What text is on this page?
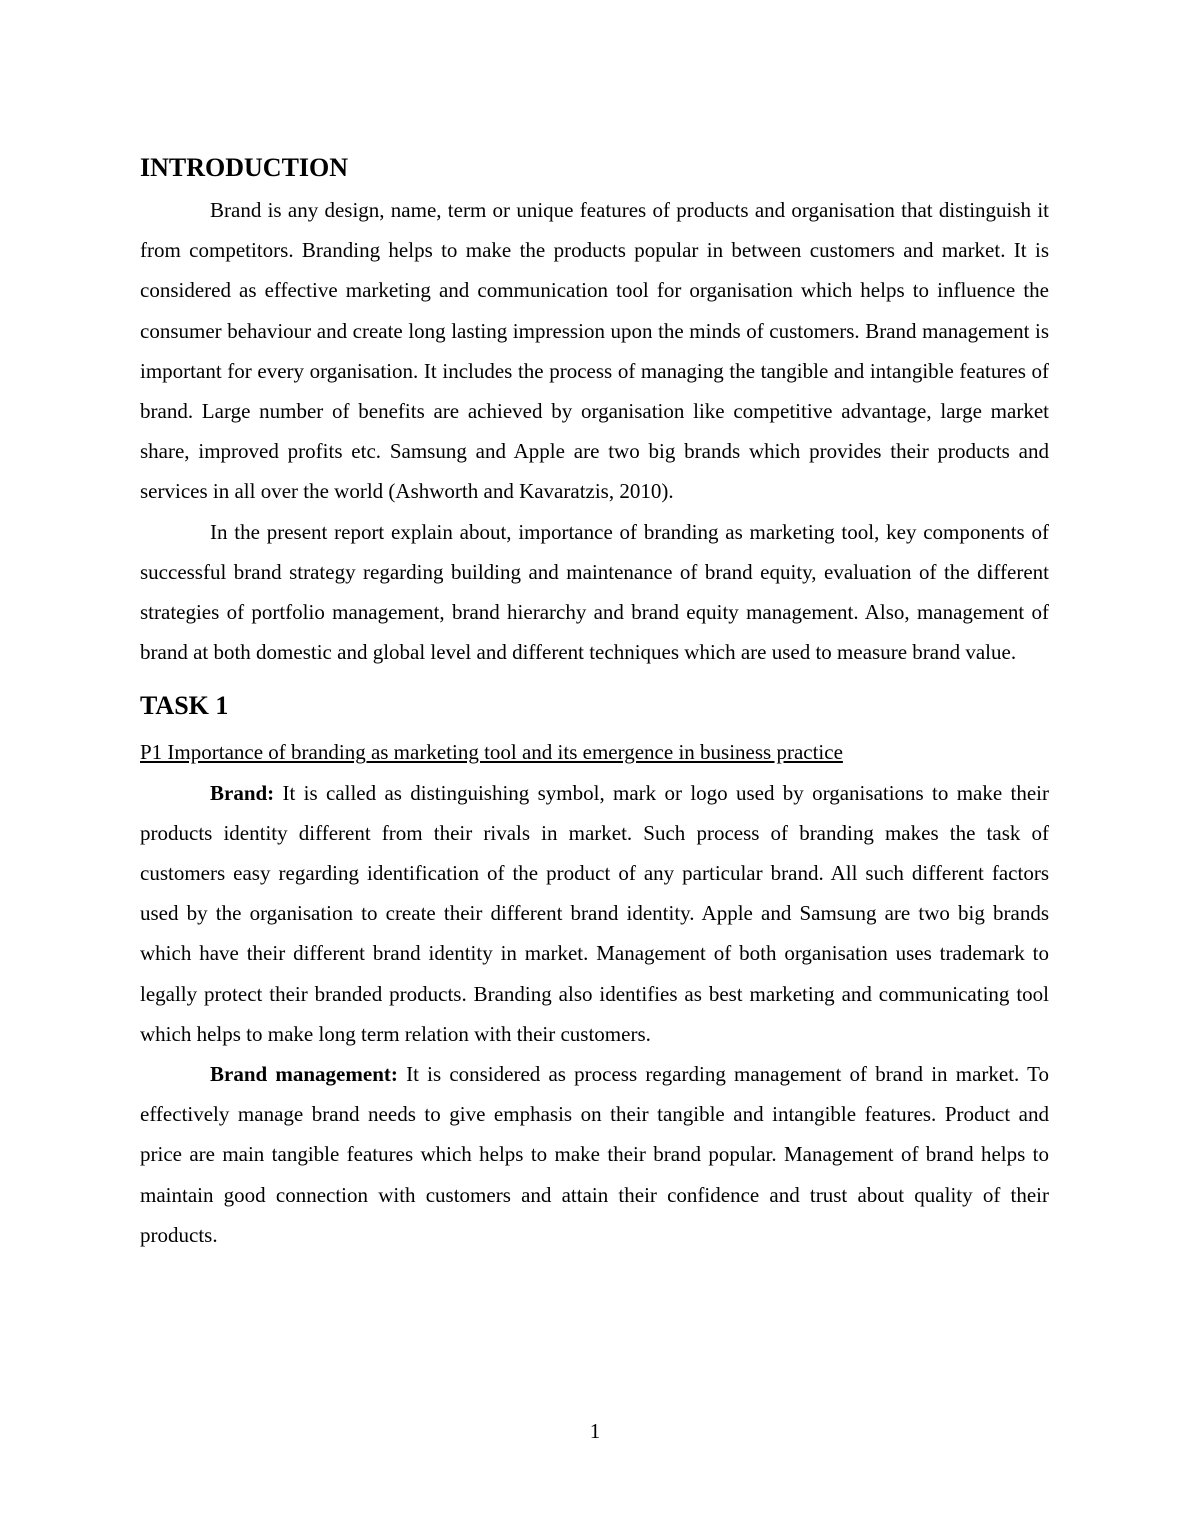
INTRODUCTION

Brand is any design, name, term or unique features of products and organisation that distinguish it from competitors. Branding helps to make the products popular in between customers and market. It is considered as effective marketing and communication tool for organisation which helps to influence the consumer behaviour and create long lasting impression upon the minds of customers. Brand management is important for every organisation. It includes the process of managing the tangible and intangible features of brand. Large number of benefits are achieved by organisation like competitive advantage, large market share, improved profits etc. Samsung and Apple are two big brands which provides their products and services in all over the world (Ashworth and Kavaratzis, 2010).

In the present report explain about, importance of branding as marketing tool, key components of successful brand strategy regarding building and maintenance of brand equity, evaluation of the different strategies of portfolio management, brand hierarchy and brand equity management. Also, management of brand at both domestic and global level and different techniques which are used to measure brand value.

TASK 1

P1 Importance of branding as marketing tool and its emergence in business practice

Brand: It is called as distinguishing symbol, mark or logo used by organisations to make their products identity different from their rivals in market. Such process of branding makes the task of customers easy regarding identification of the product of any particular brand. All such different factors used by the organisation to create their different brand identity. Apple and Samsung are two big brands which have their different brand identity in market. Management of both organisation uses trademark to legally protect their branded products. Branding also identifies as best marketing and communicating tool which helps to make long term relation with their customers.

Brand management: It is considered as process regarding management of brand in market. To effectively manage brand needs to give emphasis on their tangible and intangible features. Product and price are main tangible features which helps to make their brand popular. Management of brand helps to maintain good connection with customers and attain their confidence and trust about quality of their products.

1
